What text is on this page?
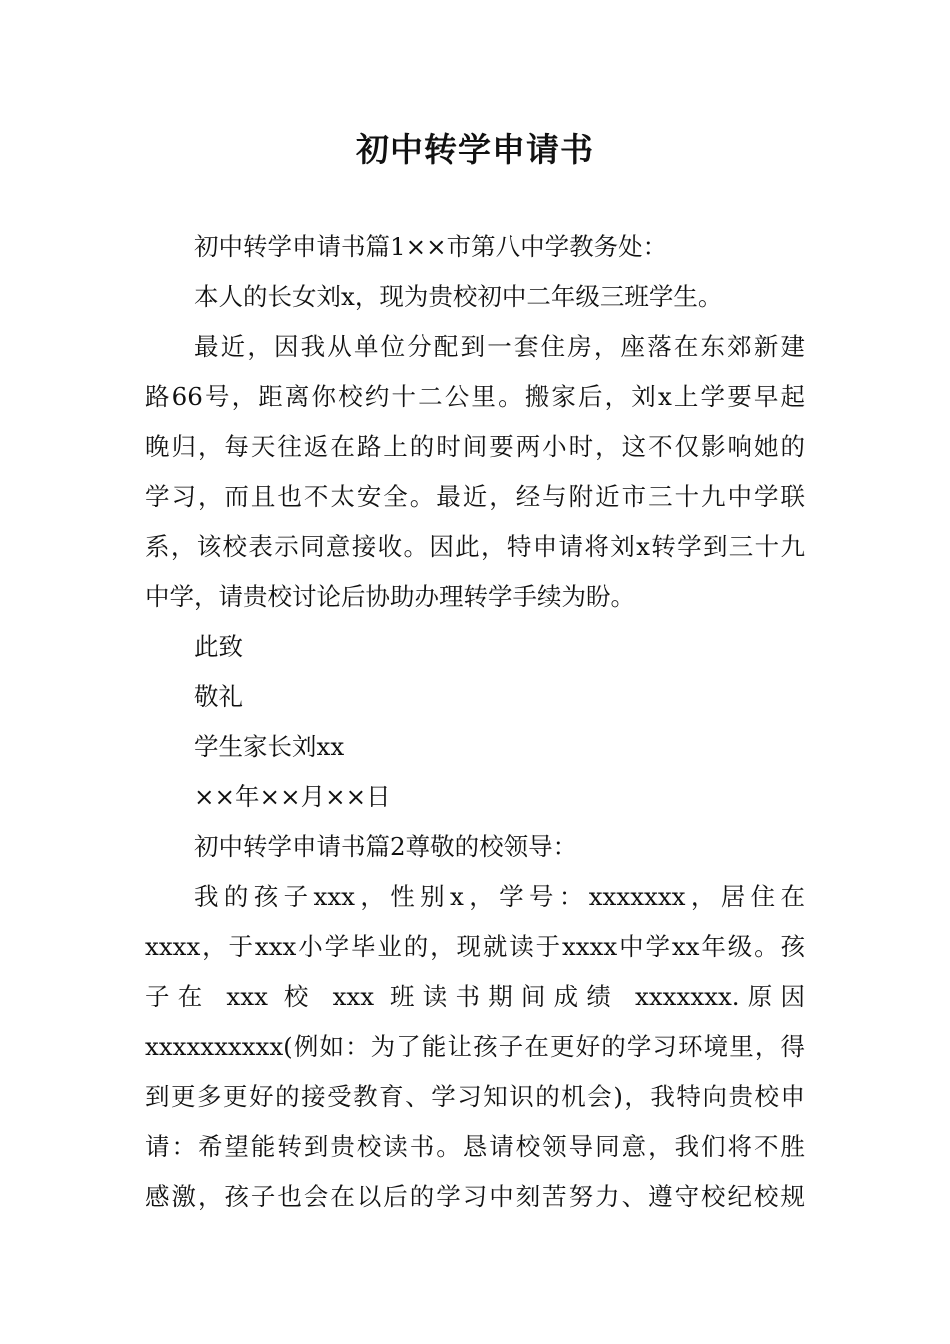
初中转学申请书
初中转学申请书篇1××市第八中学教务处：
本人的长女刘x，现为贵校初中二年级三班学生。
最近，因我从单位分配到一套住房，座落在东郊新建
路66号，距离你校约十二公里。搬家后，刘x上学要早起
晚归，每天往返在路上的时间要两小时，这不仅影响她的
学习，而且也不太安全。最近，经与附近市三十九中学联
系，该校表示同意接收。因此，特申请将刘x转学到三十九
中学，请贵校讨论后协助办理转学手续为盼。
此致
敬礼
学生家长刘xx
××年××月××日
初中转学申请书篇2尊敬的校领导：
我的孩子xxx，性别x，学号：xxxxxxx，居住在
xxxx，于xxx小学毕业的，现就读于xxxx中学xx年级。孩
子在 xxx 校 xxx 班读书期间成绩 xxxxxxx.原因
xxxxxxxxxx(例如：为了能让孩子在更好的学习环境里，得
到更多更好的接受教育、学习知识的机会)，我特向贵校申
请：希望能转到贵校读书。恳请校领导同意，我们将不胜
感激，孩子也会在以后的学习中刻苦努力、遵守校纪校规
